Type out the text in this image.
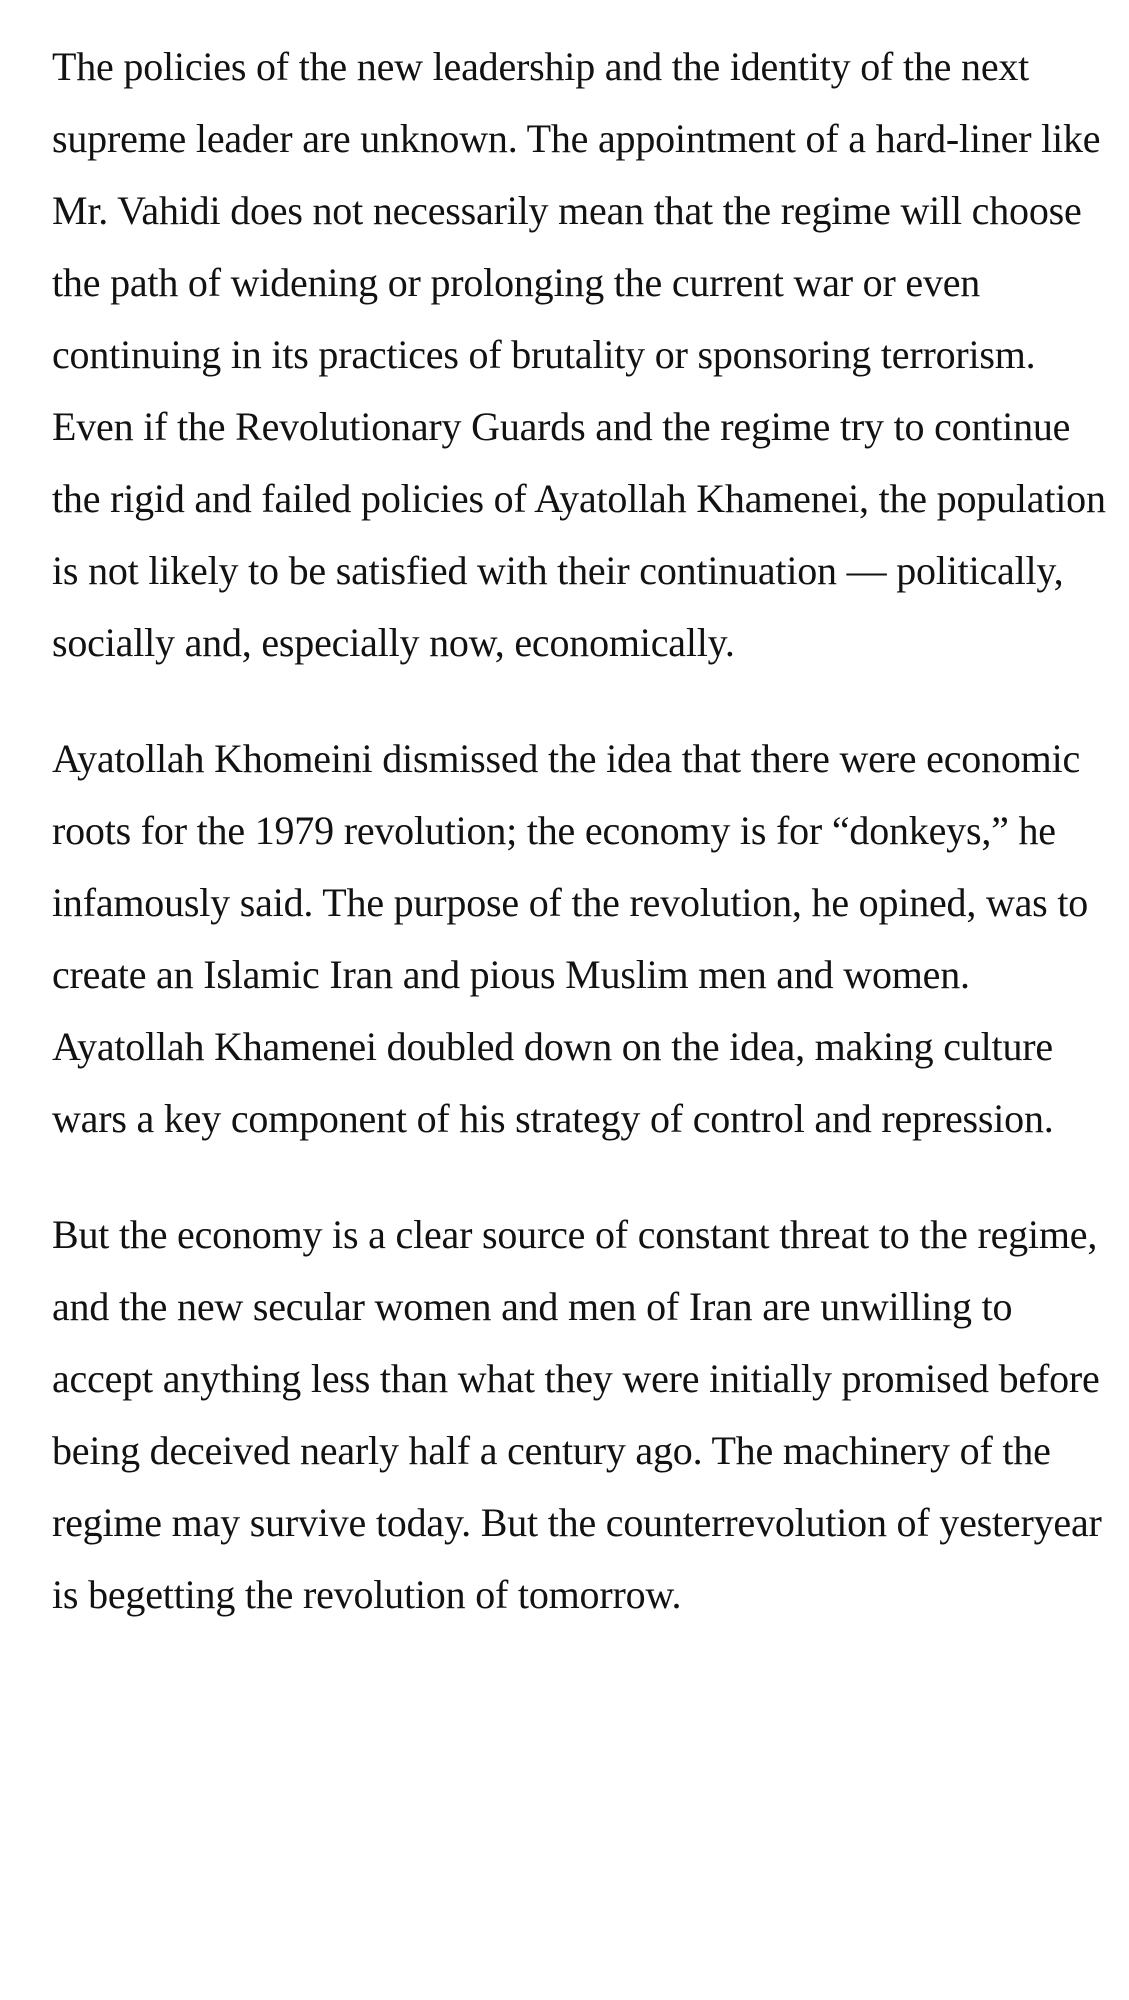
The policies of the new leadership and the identity of the next supreme leader are unknown. The appointment of a hard-liner like Mr. Vahidi does not necessarily mean that the regime will choose the path of widening or prolonging the current war or even continuing in its practices of brutality or sponsoring terrorism. Even if the Revolutionary Guards and the regime try to continue the rigid and failed policies of Ayatollah Khamenei, the population is not likely to be satisfied with their continuation — politically, socially and, especially now, economically.

Ayatollah Khomeini dismissed the idea that there were economic roots for the 1979 revolution; the economy is for “donkeys,” he infamously said. The purpose of the revolution, he opined, was to create an Islamic Iran and pious Muslim men and women. Ayatollah Khamenei doubled down on the idea, making culture wars a key component of his strategy of control and repression.

But the economy is a clear source of constant threat to the regime, and the new secular women and men of Iran are unwilling to accept anything less than what they were initially promised before being deceived nearly half a century ago. The machinery of the regime may survive today. But the counterrevolution of yesteryear is begetting the revolution of tomorrow.
